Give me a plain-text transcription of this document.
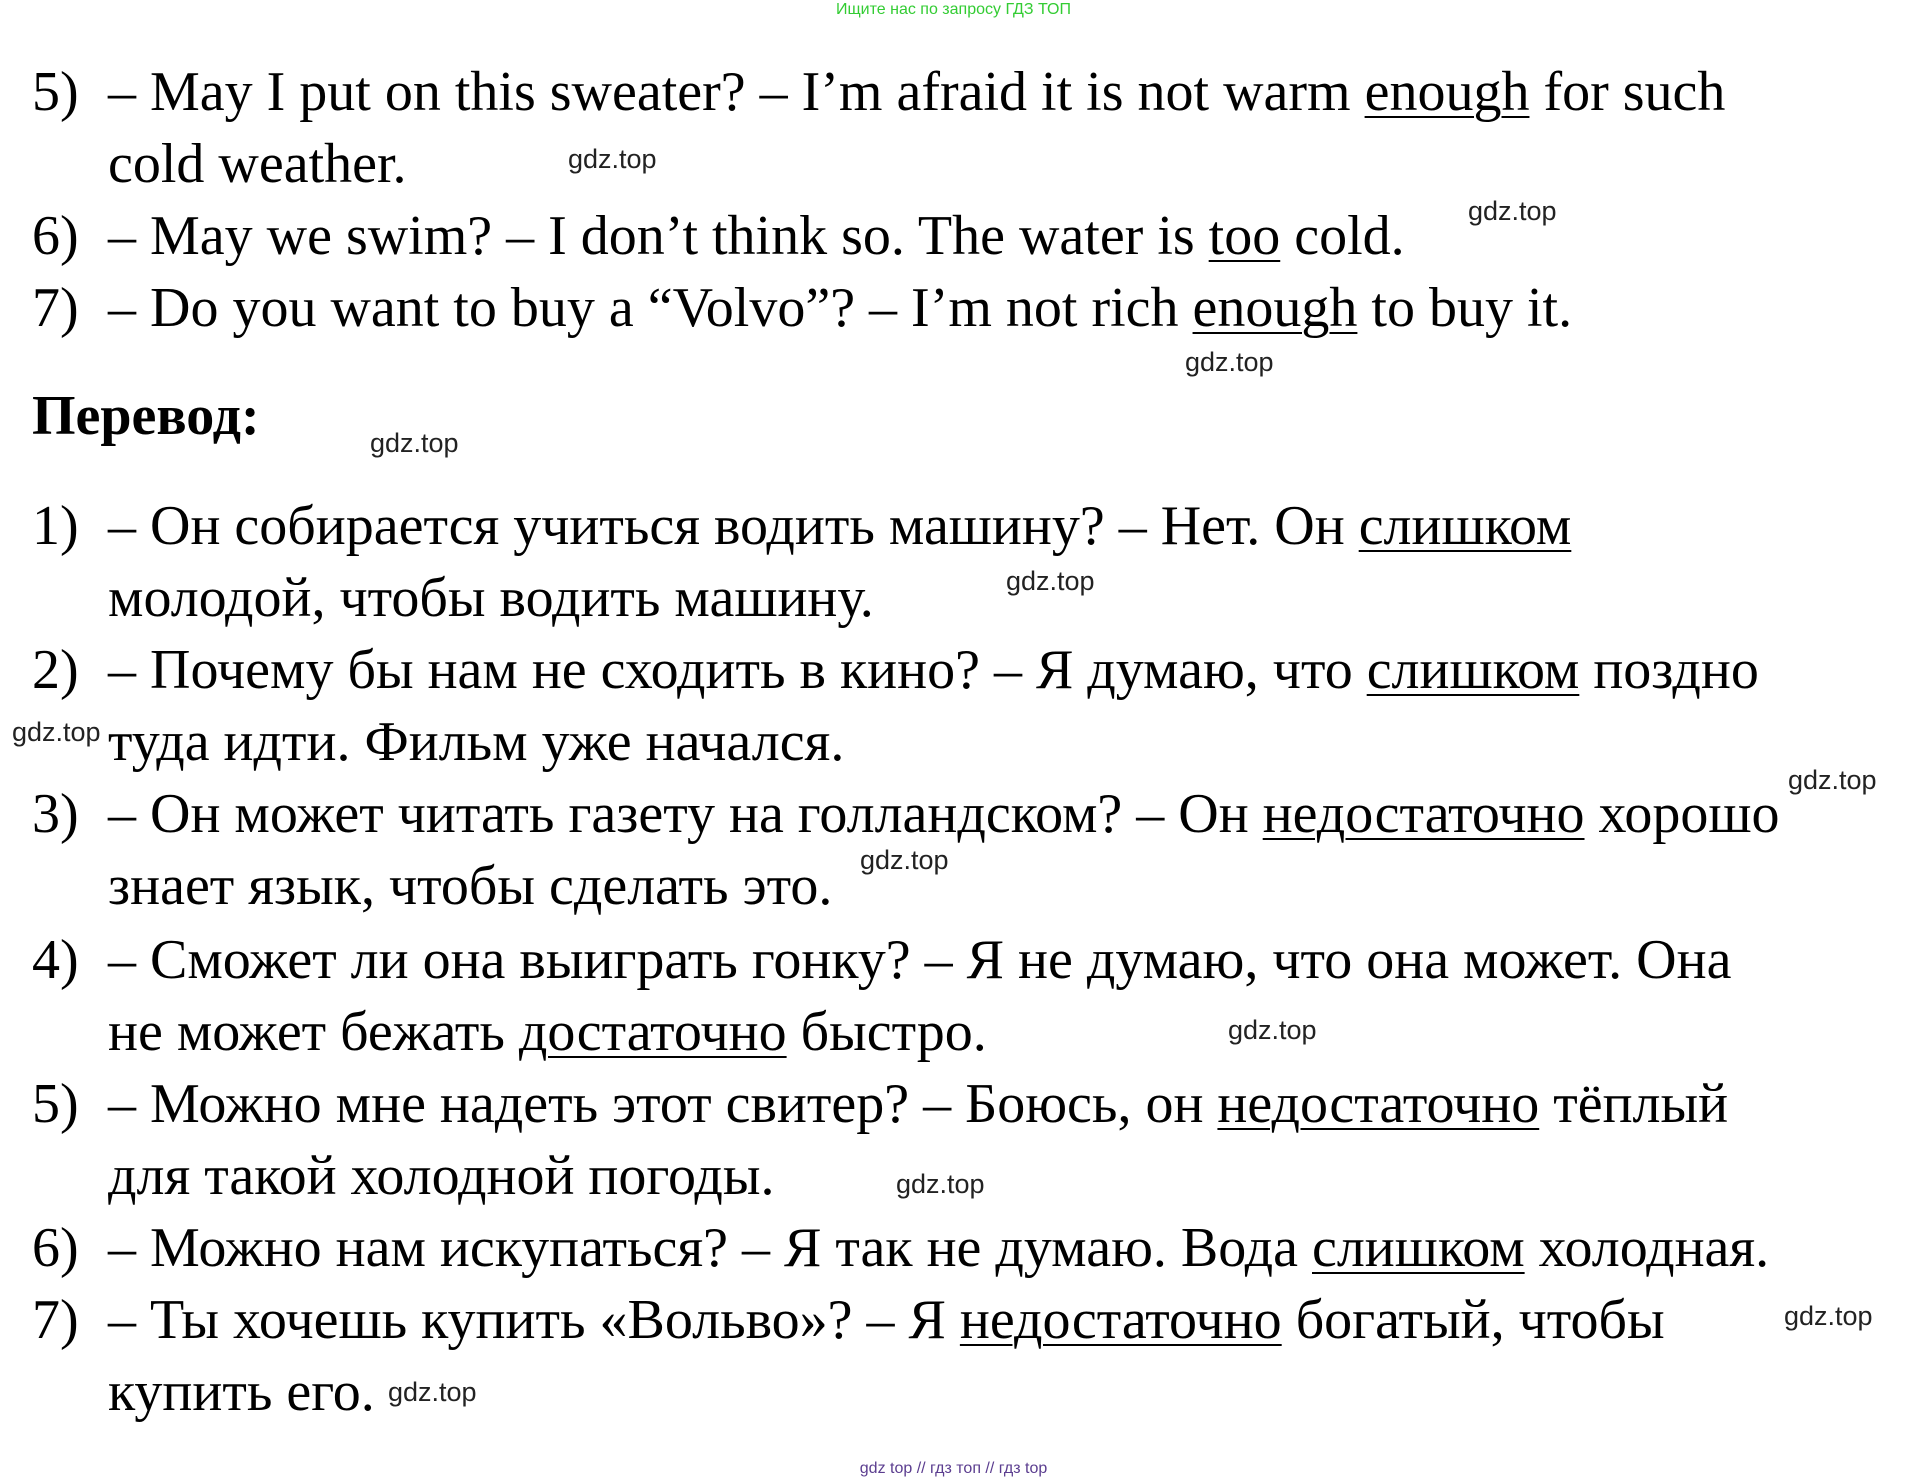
Ищите нас по запросу ГДЗ ТОП
5) – May I put on this sweater? – I’m afraid it is not warm enough for such
cold weather.
6) – May we swim? – I don’t think so. The water is too cold.
7) – Do you want to buy a “Volvo”? – I’m not rich enough to buy it.
Перевод:
1) – Он собирается учиться водить машину? – Нет. Он слишком
молодой, чтобы водить машину.
2) – Почему бы нам не сходить в кино? – Я думаю, что слишком поздно
туда идти. Фильм уже начался.
3) – Он может читать газету на голландском? – Он недостаточно хорошо
знает язык, чтобы сделать это.
4) – Сможет ли она выиграть гонку? – Я не думаю, что она может. Она
не может бежать достаточно быстро.
5) – Можно мне надеть этот свитер? – Боюсь, он недостаточно тёплый
для такой холодной погоды.
6) – Можно нам искупаться? – Я так не думаю. Вода слишком холодная.
7) – Ты хочешь купить «Вольво»? – Я недостаточно богатый, чтобы
купить его.
gdz.top
gdz.top
gdz.top
gdz.top
gdz.top
gdz.top
gdz.top
gdz.top
gdz.top
gdz.top
gdz.top
gdz.top
gdz top // гдз топ // гдз top
